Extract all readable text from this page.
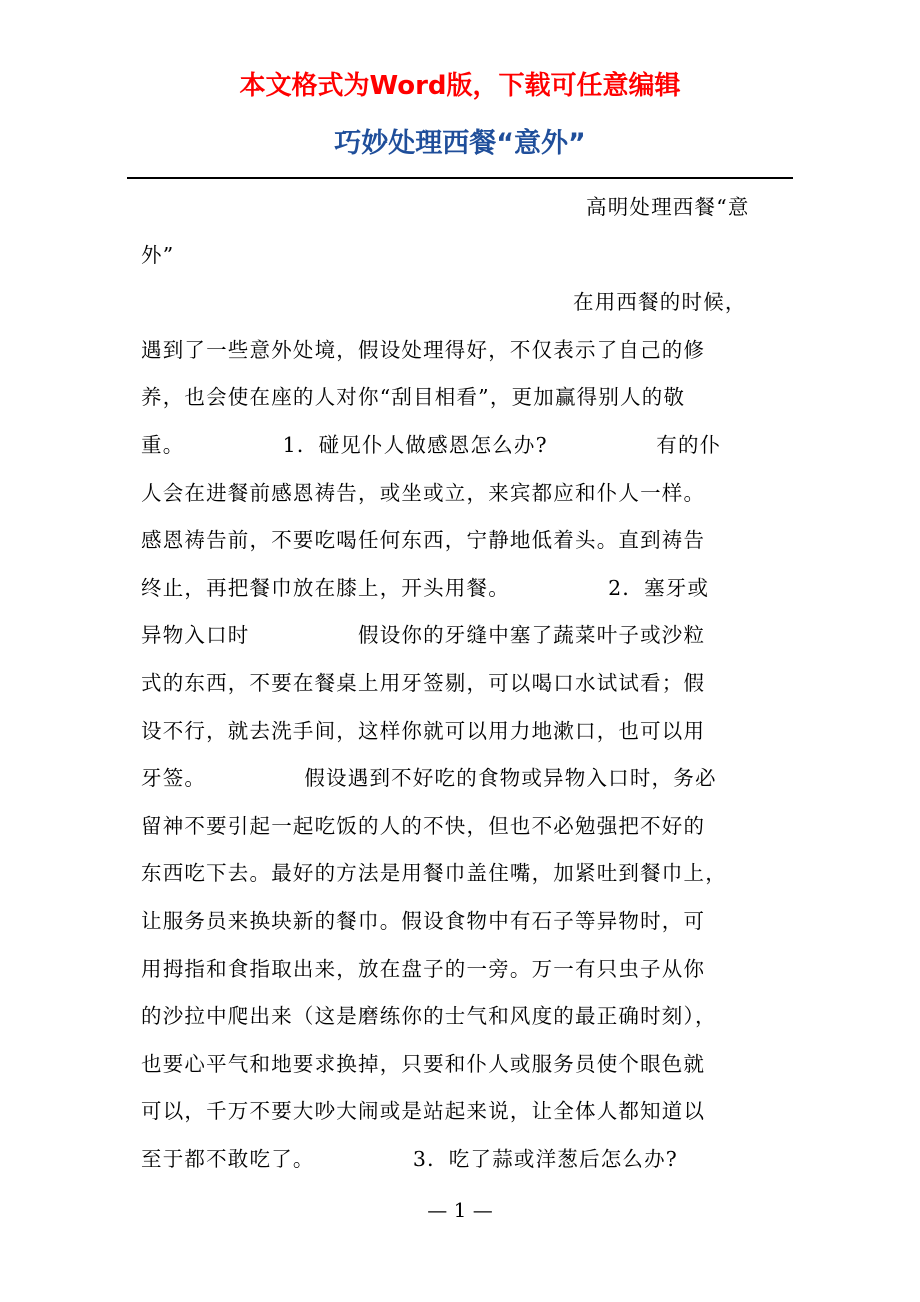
本文格式为Word版，下载可任意编辑
巧妙处理西餐“意外”
高明处理西餐“意
外”
在用西餐的时候，
遇到了一些意外处境，假设处理得好，不仅表示了自己的修
养，也会使在座的人对你“刮目相看”，更加赢得别人的敬
重。　　　　　1．碰见仆人做感恩怎么办?　　　　　有的仆
人会在进餐前感恩祷告，或坐或立，来宾都应和仆人一样。
感恩祷告前，不要吃喝任何东西，宁静地低着头。直到祷告
终止，再把餐巾放在膝上，开头用餐。　　　　　2．塞牙或
异物入口时　　　　　假设你的牙缝中塞了蔬菜叶子或沙粒
式的东西，不要在餐桌上用牙签剔，可以喝口水试试看；假
设不行，就去洗手间，这样你就可以用力地漱口，也可以用
牙签。　　　　　假设遇到不好吃的食物或异物入口时，务必
留神不要引起一起吃饭的人的不快，但也不必勉强把不好的
东西吃下去。最好的方法是用餐巾盖住嘴，加紧吐到餐巾上，
让服务员来换块新的餐巾。假设食物中有石子等异物时，可
用拇指和食指取出来，放在盘子的一旁。万一有只虫子从你
的沙拉中爬出来（这是磨练你的士气和风度的最正确时刻），
也要心平气和地要求换掉，只要和仆人或服务员使个眼色就
可以，千万不要大吵大闹或是站起来说，让全体人都知道以
至于都不敢吃了。　　　　　3．吃了蒜或洋葱后怎么办?
— 1 —
